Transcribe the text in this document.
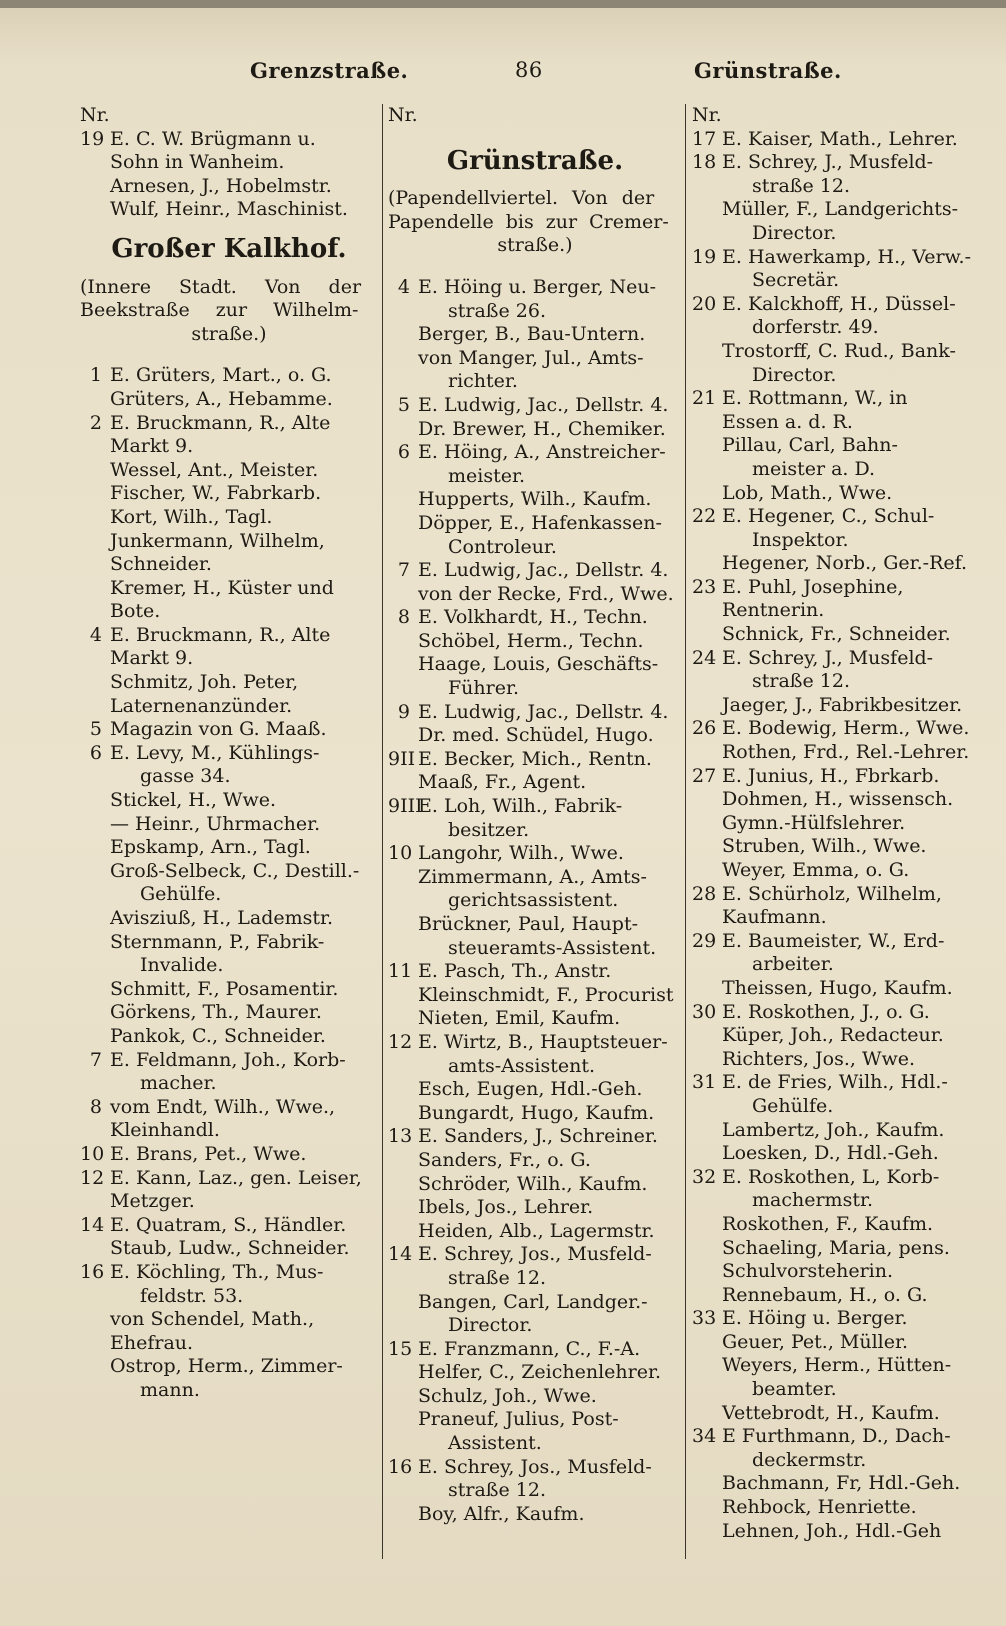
Grenzstraße.	86	Grünstraße.
Nr.
19 E. C. W. Brügmann u.
Sohn in Wanheim.
Arnesen, J., Hobelmstr.
Wulf, Heinr., Maschinist.
Großer Kalkhof.
(Innere Stadt. Von der
Beekstraße zur Wilhelm-
straße.)
1 E. Grüters, Mart., o. G.
Grüters, A., Hebamme.
2 E. Bruckmann, R., Alte
Markt 9.
Wessel, Ant., Meister.
Fischer, W., Fabrkarb.
Kort, Wilh., Tagl.
Junkermann, Wilhelm,
Schneider.
Kremer, H., Küster und
Bote.
4 E. Bruckmann, R., Alte
Markt 9.
Schmitz, Joh. Peter,
Laternenanzünder.
5 Magazin von G. Maaß.
6 E. Levy, M., Kühlings-
gasse 34.
Stickel, H., Wwe.
— Heinr., Uhrmacher.
Epskamp, Arn., Tagl.
Groß-Selbeck, C., Destill.-
Gehülfe.
Avisziuß, H., Lademstr.
Sternmann, P., Fabrik-
Invalide.
Schmitt, F., Posamentir.
Görkens, Th., Maurer.
Pankok, C., Schneider.
7 E. Feldmann, Joh., Korb-
macher.
8 vom Endt, Wilh., Wwe.,
Kleinhandl.
10 E. Brans, Pet., Wwe.
12 E. Kann, Laz., gen. Leiser,
Metzger.
14 E. Quatram, S., Händler.
Staub, Ludw., Schneider.
16 E. Köchling, Th., Mus-
feldstr. 53.
von Schendel, Math.,
Ehefrau.
Ostrop, Herm., Zimmer-
mann.
Nr.
Grünstraße.
(Papendellviertel. Von der
Papendelle bis zur Cremer-
straße.)
4 E. Höing u. Berger, Neu-
straße 26.
Berger, B., Bau-Untern.
von Manger, Jul., Amts-
richter.
5 E. Ludwig, Jac., Dellstr. 4.
Dr. Brewer, H., Chemiker.
6 E. Höing, A., Anstreicher-
meister.
Hupperts, Wilh., Kaufm.
Döpper, E., Hafenkassen-
Controleur.
7 E. Ludwig, Jac., Dellstr. 4.
von der Recke, Frd., Wwe.
8 E. Volkhardt, H., Techn.
Schöbel, Herm., Techn.
Haage, Louis, Geschäfts-
Führer.
9 E. Ludwig, Jac., Dellstr. 4.
Dr. med. Schüdel, Hugo.
9II E. Becker, Mich., Rentn.
Maaß, Fr., Agent.
9III
E. Loh, Wilh., Fabrik-
besitzer.
10 Langohr, Wilh., Wwe.
Zimmermann, A., Amts-
gerichtsassistent.
Brückner, Paul, Haupt-
steueramts-Assistent.
11 E. Pasch, Th., Anstr.
Kleinschmidt, F., Procurist
Nieten, Emil, Kaufm.
12 E. Wirtz, B., Hauptsteuer-
amts-Assistent.
Esch, Eugen, Hdl.-Geh.
Bungardt, Hugo, Kaufm.
13 E. Sanders, J., Schreiner.
Sanders, Fr., o. G.
Schröder, Wilh., Kaufm.
Ibels, Jos., Lehrer.
Heiden, Alb., Lagermstr.
14 E. Schrey, Jos., Musfeld-
straße 12.
Bangen, Carl, Landger.-
Director.
15 E. Franzmann, C., F.-A.
Helfer, C., Zeichenlehrer.
Schulz, Joh., Wwe.
Praneuf, Julius, Post-
Assistent.
16 E. Schrey, Jos., Musfeld-
straße 12.
Boy, Alfr., Kaufm.
Nr.
17 E. Kaiser, Math., Lehrer.
18 E. Schrey, J., Musfeld-
straße 12.
Müller, F., Landgerichts-
Director.
19 E. Hawerkamp, H., Verw.-
Secretär.
20 E. Kalckhoff, H., Düssel-
dorferstr. 49.
Trostorff, C. Rud., Bank-
Director.
21 E. Rottmann, W., in
Essen a. d. R.
Pillau, Carl, Bahn-
meister a. D.
Lob, Math., Wwe.
22 E. Hegener, C., Schul-
Inspektor.
Hegener, Norb., Ger.-Ref.
23 E. Puhl, Josephine,
Rentnerin.
Schnick, Fr., Schneider.
24 E. Schrey, J., Musfeld-
straße 12.
Jaeger, J., Fabrikbesitzer.
26 E. Bodewig, Herm., Wwe.
Rothen, Frd., Rel.-Lehrer.
27 E. Junius, H., Fbrkarb.
Dohmen, H., wissensch.
Gymn.-Hülfslehrer.
Struben, Wilh., Wwe.
Weyer, Emma, o. G.
28 E. Schürholz, Wilhelm,
Kaufmann.
29 E. Baumeister, W., Erd-
arbeiter.
Theissen, Hugo, Kaufm.
30 E. Roskothen, J., o. G.
Küper, Joh., Redacteur.
Richters, Jos., Wwe.
31 E. de Fries, Wilh., Hdl.-
Gehülfe.
Lambertz, Joh., Kaufm.
Loesken, D., Hdl.-Geh.
32 E. Roskothen, L, Korb-
machermstr.
Roskothen, F., Kaufm.
Schaeling, Maria, pens.
Schulvorsteherin.
Rennebaum, H., o. G.
33 E. Höing u. Berger.
Geuer, Pet., Müller.
Weyers, Herm., Hütten-
beamter.
Vettebrodt, H., Kaufm.
34 E Furthmann, D., Dach-
deckermstr.
Bachmann, Fr, Hdl.-Geh.
Rehbock, Henriette.
Lehnen, Joh., Hdl.-Geh
